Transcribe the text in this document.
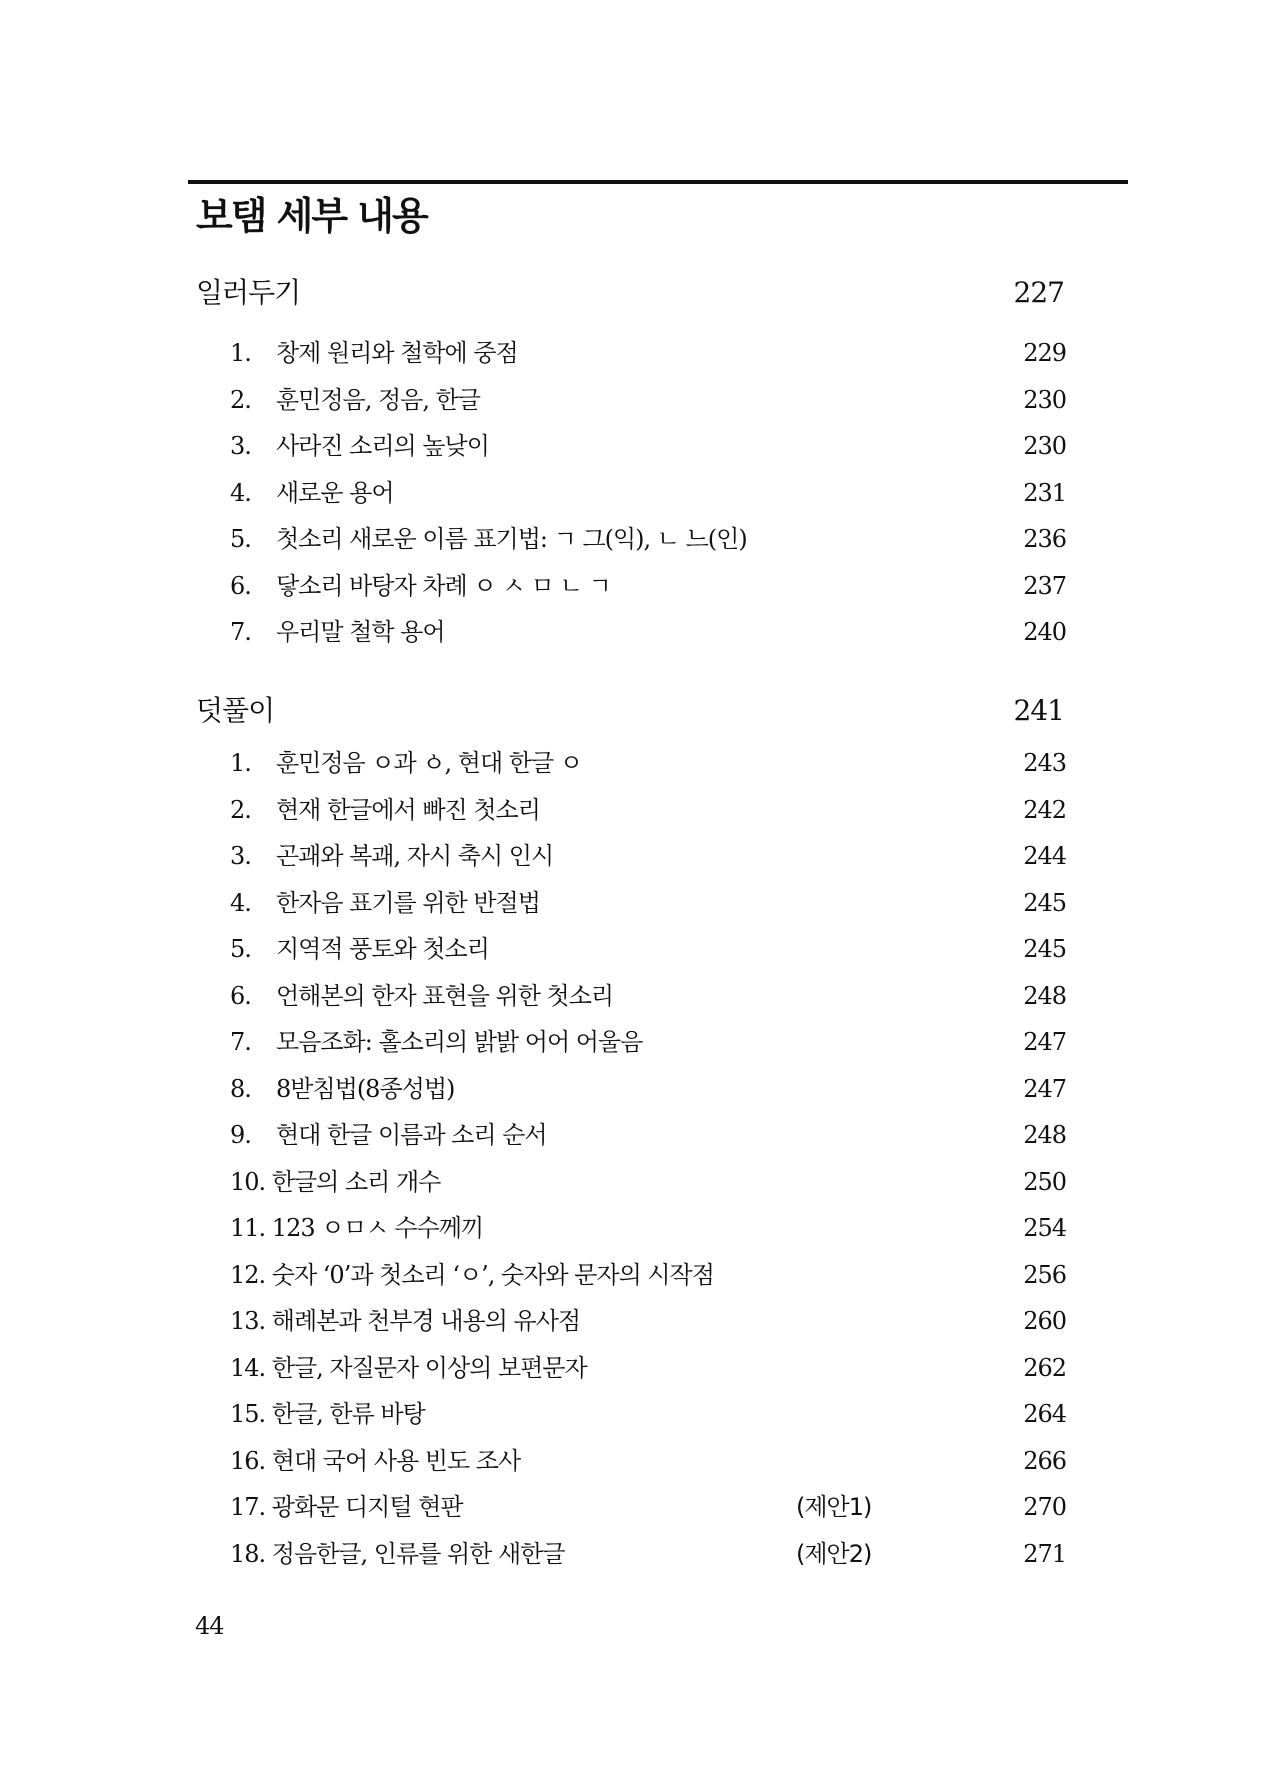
보탬 세부 내용
일러두기	227
1. 창제 원리와 철학에 중점	229
2. 훈민정음, 정음, 한글	230
3. 사라진 소리의 높낮이	230
4. 새로운 용어	231
5. 첫소리 새로운 이름 표기법: ㄱ 그(익), ㄴ 느(인)	236
6. 닿소리 바탕자 차례 ㅇ ㅅ ㅁ ㄴ ㄱ	237
7. 우리말 철학 용어	240
덧풀이	241
1. 훈민정음 ㅇ과 ㆁ, 현대 한글 ㅇ	243
2. 현재 한글에서 빠진 첫소리	242
3. 곤괘와 복괘, 자시 축시 인시	244
4. 한자음 표기를 위한 반절법	245
5. 지역적 풍토와 첫소리	245
6. 언해본의 한자 표현을 위한 첫소리	248
7. 모음조화: 홀소리의 밝밝 어어 어울음	247
8. 8받침법(8종성법)	247
9. 현대 한글 이름과 소리 순서	248
10. 한글의 소리 개수	250
11. 123 ㅇㅁㅅ 수수께끼	254
12. 숫자 ‘0’과 첫소리 ‘ㅇ’, 숫자와 문자의 시작점	256
13. 해례본과 천부경 내용의 유사점	260
14. 한글, 자질문자 이상의 보편문자	262
15. 한글, 한류 바탕	264
16. 현대 국어 사용 빈도 조사	266
17. 광화문 디지털 현판	(제안1)	270
18. 정음한글, 인류를 위한 새한글	(제안2)	271
44
